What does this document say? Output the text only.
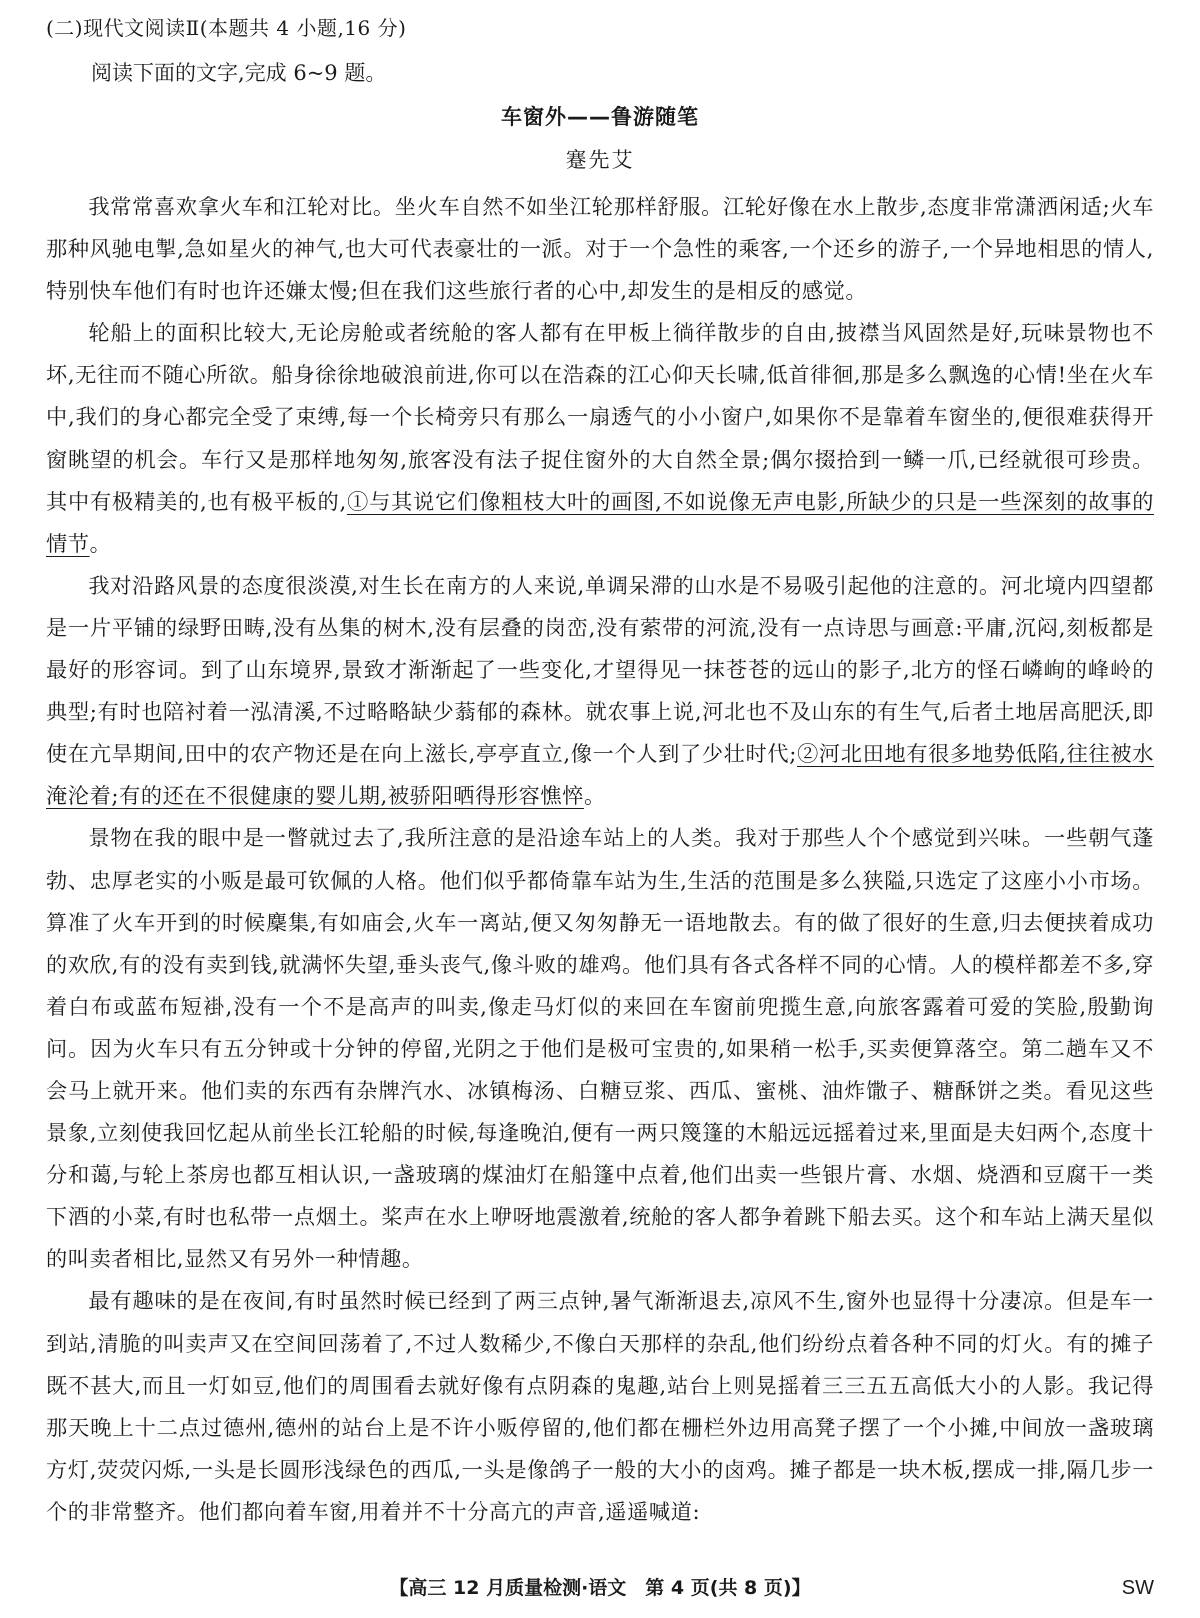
(二)现代文阅读Ⅱ(本题共 4 小题,16 分)
阅读下面的文字,完成 6~9 题。
车窗外——鲁游随笔
蹇先艾

我常常喜欢拿火车和江轮对比。坐火车自然不如坐江轮那样舒服。江轮好像在水上散步,态度非常潇洒闲适;火车那种风驰电掣,急如星火的神气,也大可代表豪壮的一派。对于一个急性的乘客,一个还乡的游子,一个异地相思的情人,特别快车他们有时也许还嫌太慢;但在我们这些旅行者的心中,却发生的是相反的感觉。

轮船上的面积比较大,无论房舱或者统舱的客人都有在甲板上徜徉散步的自由,披襟当风固然是好,玩味景物也不坏,无往而不随心所欲。船身徐徐地破浪前进,你可以在浩森的江心仰天长啸,低首徘徊,那是多么飘逸的心情!坐在火车中,我们的身心都完全受了束缚,每一个长椅旁只有那么一扇透气的小小窗户,如果你不是靠着车窗坐的,便很难获得开窗眺望的机会。车行又是那样地匆匆,旅客没有法子捉住窗外的大自然全景;偶尔掇拾到一鳞一爪,已经就很可珍贵。其中有极精美的,也有极平板的,①与其说它们像粗枝大叶的画图,不如说像无声电影,所缺少的只是一些深刻的故事的情节。

我对沿路风景的态度很淡漠,对生长在南方的人来说,单调呆滞的山水是不易吸引起他的注意的。河北境内四望都是一片平铺的绿野田畴,没有丛集的树木,没有层叠的岗峦,没有萦带的河流,没有一点诗思与画意:平庸,沉闷,刻板都是最好的形容词。到了山东境界,景致才渐渐起了一些变化,才望得见一抹苍苍的远山的影子,北方的怪石嶙峋的峰岭的典型;有时也陪衬着一泓清溪,不过略略缺少蓊郁的森林。就农事上说,河北也不及山东的有生气,后者土地居高肥沃,即使在亢旱期间,田中的农产物还是在向上滋长,亭亭直立,像一个人到了少壮时代;②河北田地有很多地势低陷,往往被水淹沦着;有的还在不很健康的婴儿期,被骄阳晒得形容憔悴。

景物在我的眼中是一瞥就过去了,我所注意的是沿途车站上的人类。我对于那些人个个感觉到兴味。一些朝气蓬勃、忠厚老实的小贩是最可钦佩的人格。他们似乎都倚靠车站为生,生活的范围是多么狭隘,只选定了这座小小市场。算准了火车开到的时候麇集,有如庙会,火车一离站,便又匆匆静无一语地散去。有的做了很好的生意,归去便挟着成功的欢欣,有的没有卖到钱,就满怀失望,垂头丧气,像斗败的雄鸡。他们具有各式各样不同的心情。人的模样都差不多,穿着白布或蓝布短褂,没有一个不是高声的叫卖,像走马灯似的来回在车窗前兜揽生意,向旅客露着可爱的笑脸,殷勤询问。因为火车只有五分钟或十分钟的停留,光阴之于他们是极可宝贵的,如果稍一松手,买卖便算落空。第二趟车又不会马上就开来。他们卖的东西有杂牌汽水、冰镇梅汤、白糖豆浆、西瓜、蜜桃、油炸馓子、糖酥饼之类。看见这些景象,立刻使我回忆起从前坐长江轮船的时候,每逢晚泊,便有一两只篾篷的木船远远摇着过来,里面是夫妇两个,态度十分和蔼,与轮上茶房也都互相认识,一盏玻璃的煤油灯在船篷中点着,他们出卖一些银片膏、水烟、烧酒和豆腐干一类下酒的小菜,有时也私带一点烟土。桨声在水上咿呀地震激着,统舱的客人都争着跳下船去买。这个和车站上满天星似的叫卖者相比,显然又有另外一种情趣。

最有趣味的是在夜间,有时虽然时候已经到了两三点钟,暑气渐渐退去,凉风不生,窗外也显得十分凄凉。但是车一到站,清脆的叫卖声又在空间回荡着了,不过人数稀少,不像白天那样的杂乱,他们纷纷点着各种不同的灯火。有的摊子既不甚大,而且一灯如豆,他们的周围看去就好像有点阴森的鬼趣,站台上则晃摇着三三五五高低大小的人影。我记得那天晚上十二点过德州,德州的站台上是不许小贩停留的,他们都在栅栏外边用高凳子摆了一个小摊,中间放一盏玻璃方灯,荧荧闪烁,一头是长圆形浅绿色的西瓜,一头是像鸽子一般的大小的卤鸡。摊子都是一块木板,摆成一排,隔几步一个的非常整齐。他们都向着车窗,用着并不十分高亢的声音,遥遥喊道:

【高三 12 月质量检测·语文　第 4 页(共 8 页)】	SW
